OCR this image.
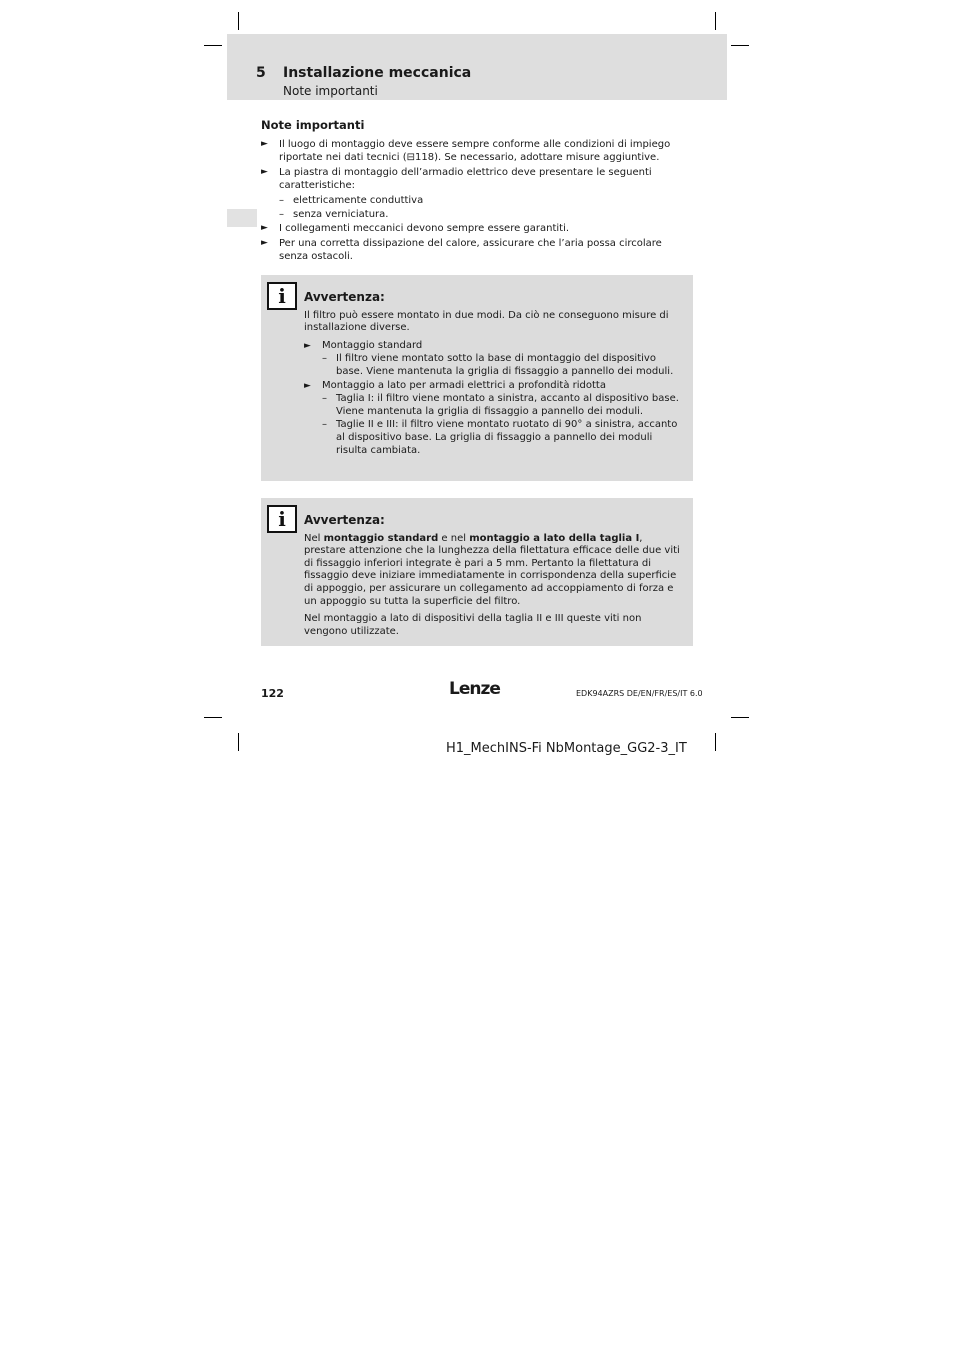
5 Installazione meccanica
Note importanti
Note importanti
► Il luogo di montaggio deve essere sempre conforme alle condizioni di impiego riportate nei dati tecnici (⊟118). Se necessario, adottare misure aggiuntive.
► La piastra di montaggio dell’armadio elettrico deve presentare le seguenti caratteristiche:
– elettricamente conduttiva
– senza verniciatura.
► I collegamenti meccanici devono sempre essere garantiti.
► Per una corretta dissipazione del calore, assicurare che l’aria possa circolare senza ostacoli.
i	Avvertenza:

Il filtro può essere montato in due modi. Da ciò ne conseguono misure di installazione diverse.

► Montaggio standard
– Il filtro viene montato sotto la base di montaggio del dispositivo base. Viene mantenuta la griglia di fissaggio a pannello dei moduli.
► Montaggio a lato per armadi elettrici a profondità ridotta
– Taglia I: il filtro viene montato a sinistra, accanto al dispositivo base. Viene mantenuta la griglia di fissaggio a pannello dei moduli.
– Taglie II e III: il filtro viene montato ruotato di 90° a sinistra, accanto al dispositivo base. La griglia di fissaggio a pannello dei moduli risulta cambiata.
i	Avvertenza:

Nel montaggio standard e nel montaggio a lato della taglia I, prestare attenzione che la lunghezza della filettatura efficace delle due viti di fissaggio inferiori integrate è pari a 5 mm. Pertanto la filettatura di fissaggio deve iniziare immediatamente in corrispondenza della superficie di appoggio, per assicurare un collegamento ad accoppiamento di forza e un appoggio su tutta la superficie del filtro.

Nel montaggio a lato di dispositivi della taglia II e III queste viti non vengono utilizzate.

122	Lenze	EDK94AZRS DE/EN/FR/ES/IT 6.0
H1_MechINS-Fi NbMontage_GG2-3_IT
